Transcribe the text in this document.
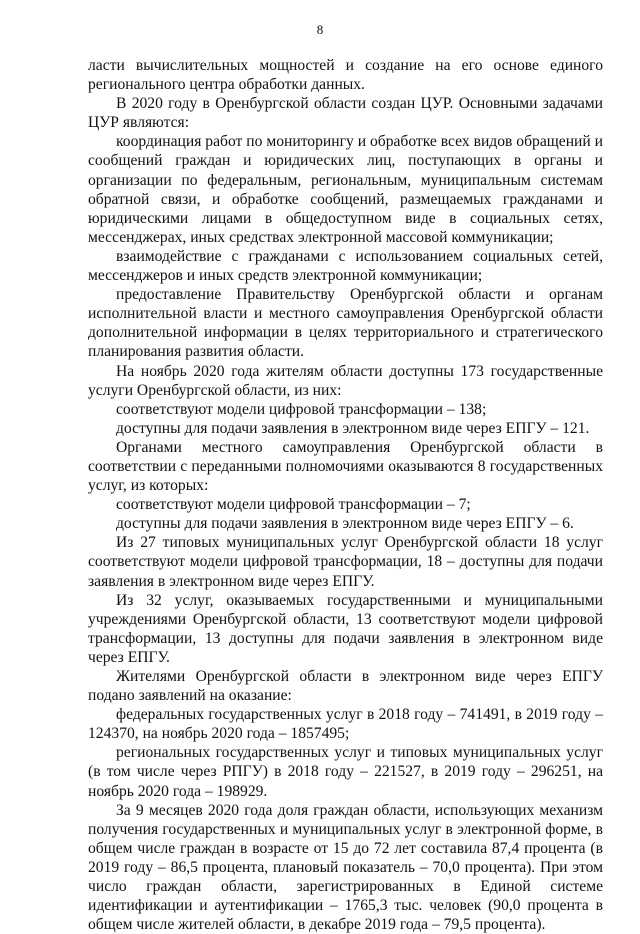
8

ласти вычислительных мощностей и создание на его основе единого регионального центра обработки данных.

В 2020 году в Оренбургской области создан ЦУР. Основными задачами ЦУР являются:

координация работ по мониторингу и обработке всех видов обращений и сообщений граждан и юридических лиц, поступающих в органы и организации по федеральным, региональным, муниципальным системам обратной связи, и обработке сообщений, размещаемых гражданами и юридическими лицами в общедоступном виде в социальных сетях, мессенджерах, иных средствах электронной массовой коммуникации;

взаимодействие с гражданами с использованием социальных сетей, мессенджеров и иных средств электронной коммуникации;

предоставление Правительству Оренбургской области и органам исполнительной власти и местного самоуправления Оренбургской области дополнительной информации в целях территориального и стратегического планирования развития области.

На ноябрь 2020 года жителям области доступны 173 государственные услуги Оренбургской области, из них:

соответствуют модели цифровой трансформации – 138;

доступны для подачи заявления в электронном виде через ЕПГУ – 121.

Органами местного самоуправления Оренбургской области в соответствии с переданными полномочиями оказываются 8 государственных услуг, из которых:

соответствуют модели цифровой трансформации – 7;

доступны для подачи заявления в электронном виде через ЕПГУ – 6.

Из 27 типовых муниципальных услуг Оренбургской области 18 услуг соответствуют модели цифровой трансформации, 18 – доступны для подачи заявления в электронном виде через ЕПГУ.

Из 32 услуг, оказываемых государственными и муниципальными учреждениями Оренбургской области, 13 соответствуют модели цифровой трансформации, 13 доступны для подачи заявления в электронном виде через ЕПГУ.

Жителями Оренбургской области в электронном виде через ЕПГУ подано заявлений на оказание:

федеральных государственных услуг в 2018 году – 741491, в 2019 году – 124370, на ноябрь 2020 года – 1857495;

региональных государственных услуг и типовых муниципальных услуг (в том числе через РПГУ) в 2018 году – 221527, в 2019 году – 296251, на ноябрь 2020 года – 198929.

За 9 месяцев 2020 года доля граждан области, использующих механизм получения государственных и муниципальных услуг в электронной форме, в общем числе граждан в возрасте от 15 до 72 лет составила 87,4 процента (в 2019 году – 86,5 процента, плановый показатель – 70,0 процента). При этом число граждан области, зарегистрированных в Единой системе идентификации и аутентификации – 1765,3 тыс. человек (90,0 процента в общем числе жителей области, в декабре 2019 года – 79,5 процента).
